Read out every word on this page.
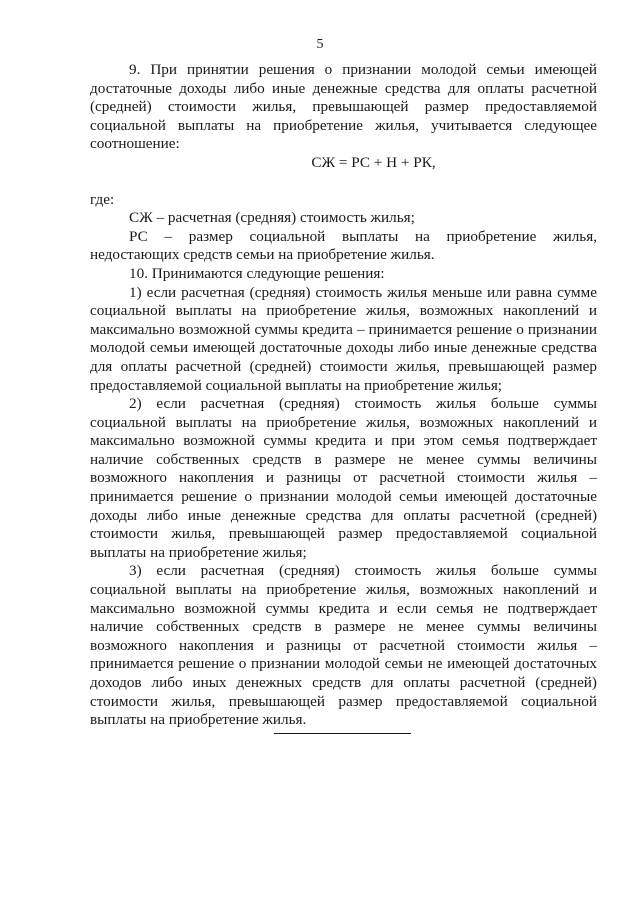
5

9. При принятии решения о признании молодой семьи имеющей достаточные доходы либо иные денежные средства для оплаты расчетной (средней) стоимости жилья, превышающей размер предоставляемой социальной выплаты на приобретение жилья, учитывается следующее соотношение:

СЖ = РС + Н + РК,

где:

СЖ – расчетная (средняя) стоимость жилья;

РС – размер социальной выплаты на приобретение жилья, недостающих средств семьи на приобретение жилья.

10. Принимаются следующие решения:

1) если расчетная (средняя) стоимость жилья меньше или равна сумме социальной выплаты на приобретение жилья, возможных накоплений и максимально возможной суммы кредита – принимается решение о признании молодой семьи имеющей достаточные доходы либо иные денежные средства для оплаты расчетной (средней) стоимости жилья, превышающей размер предоставляемой социальной выплаты на приобретение жилья;

2) если расчетная (средняя) стоимость жилья больше суммы социальной выплаты на приобретение жилья, возможных накоплений и максимально возможной суммы кредита и при этом семья подтверждает наличие собственных средств в размере не менее суммы величины возможного накопления и разницы от расчетной стоимости жилья – принимается решение о признании молодой семьи имеющей достаточные доходы либо иные денежные средства для оплаты расчетной (средней) стоимости жилья, превышающей размер предоставляемой социальной выплаты на приобретение жилья;

3) если расчетная (средняя) стоимость жилья больше суммы социальной выплаты на приобретение жилья, возможных накоплений и максимально возможной суммы кредита и если семья не подтверждает наличие собственных средств в размере не менее суммы величины возможного накопления и разницы от расчетной стоимости жилья – принимается решение о признании молодой семьи не имеющей достаточных доходов либо иных денежных средств для оплаты расчетной (средней) стоимости жилья, превышающей размер предоставляемой социальной выплаты на приобретение жилья.
